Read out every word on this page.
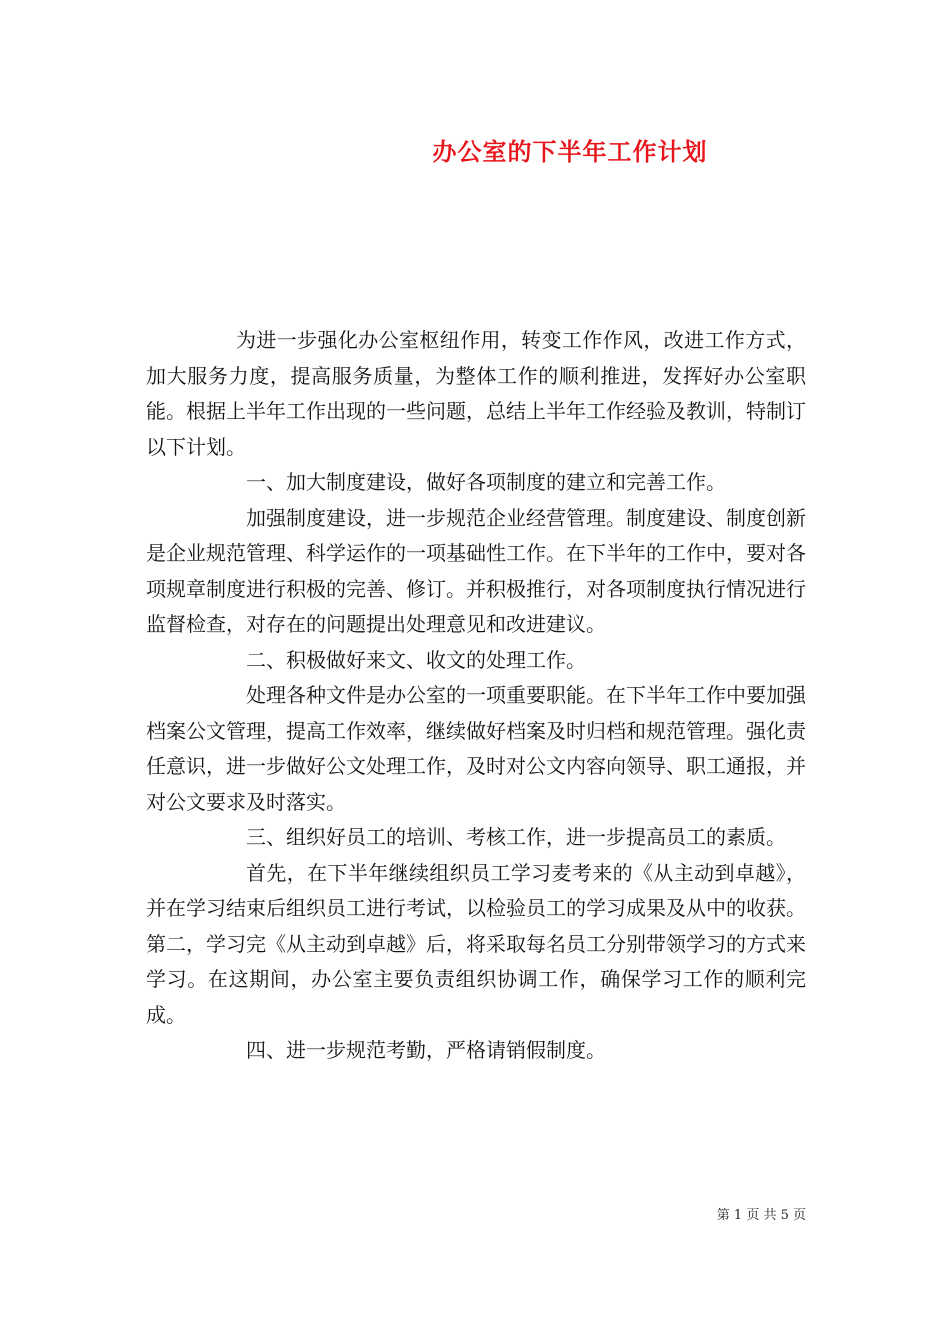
办公室的下半年工作计划

为进一步强化办公室枢纽作用，转变工作作风，改进工作方式，加大服务力度，提高服务质量，为整体工作的顺利推进，发挥好办公室职能。根据上半年工作出现的一些问题，总结上半年工作经验及教训，特制订以下计划。

一、加大制度建设，做好各项制度的建立和完善工作。

加强制度建设，进一步规范企业经营管理。制度建设、制度创新是企业规范管理、科学运作的一项基础性工作。在下半年的工作中，要对各项规章制度进行积极的完善、修订。并积极推行，对各项制度执行情况进行监督检查，对存在的问题提出处理意见和改进建议。

二、积极做好来文、收文的处理工作。

处理各种文件是办公室的一项重要职能。在下半年工作中要加强档案公文管理，提高工作效率，继续做好档案及时归档和规范管理。强化责任意识，进一步做好公文处理工作，及时对公文内容向领导、职工通报，并对公文要求及时落实。

三、组织好员工的培训、考核工作，进一步提高员工的素质。

首先，在下半年继续组织员工学习麦考来的《从主动到卓越》，并在学习结束后组织员工进行考试，以检验员工的学习成果及从中的收获。第二，学习完《从主动到卓越》后，将采取每名员工分别带领学习的方式来学习。在这期间，办公室主要负责组织协调工作，确保学习工作的顺利完成。

四、进一步规范考勤，严格请销假制度。

第 1 页 共 5 页
